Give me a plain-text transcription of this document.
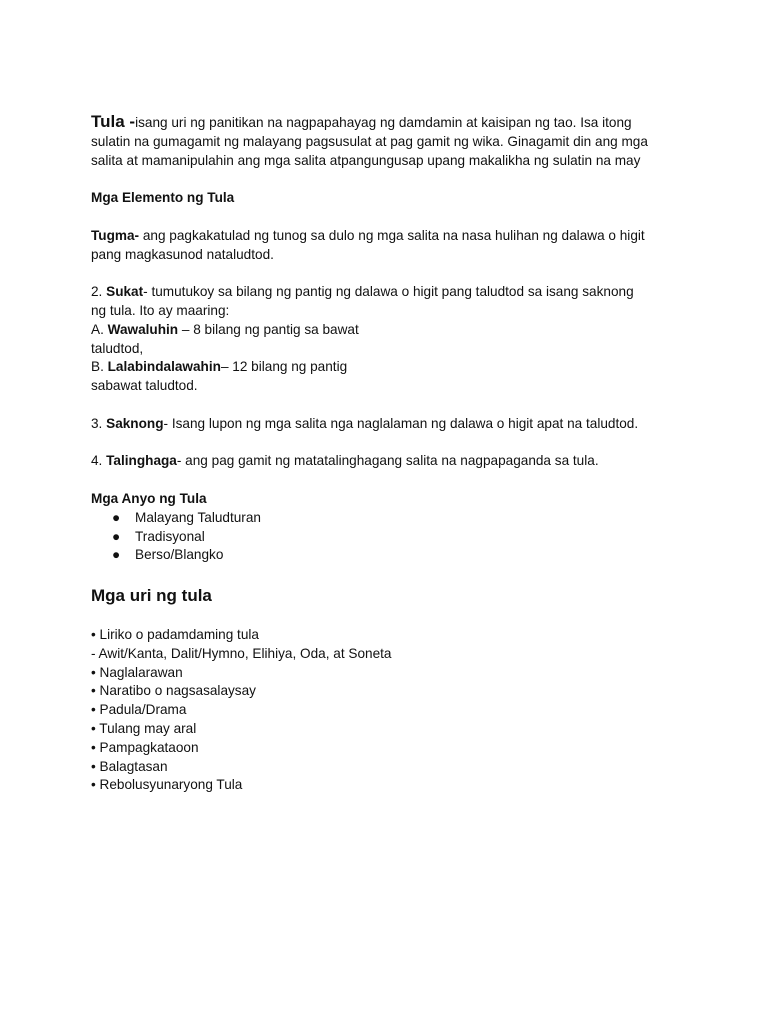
Tula -isang uri ng panitikan na nagpapahayag ng damdamin at kaisipan ng tao. Isa itong

sulatin na gumagamit ng malayang pagsusulat at pag gamit ng wika. Ginagamit din ang mga

salita at mamanipulahin ang mga salita atpangungusap upang makalikha ng sulatin na may

Mga Elemento ng Tula

Tugma- ang pagkakatulad ng tunog sa dulo ng mga salita na nasa hulihan ng dalawa o higit

pang magkasunod nataludtod.

2. Sukat- tumutukoy sa bilang ng pantig ng dalawa o higit pang taludtod sa isang saknong

ng tula. Ito ay maaring:

A. Wawaluhin – 8 bilang ng pantig sa bawat

taludtod,

B. Lalabindalawahin– 12 bilang ng pantig

sabawat taludtod.

3. Saknong- Isang lupon ng mga salita nga naglalaman ng dalawa o higit apat na taludtod.

4. Talinghaga- ang pag gamit ng matatalinghagang salita na nagpapaganda sa tula.

Mga Anyo ng Tula

● Malayang Taludturan
● Tradisyonal
● Berso/Blangko

Mga uri ng tula

• Liriko o padamdaming tula

- Awit/Kanta, Dalit/Hymno, Elihiya, Oda, at Soneta

• Naglalarawan

• Naratibo o nagsasalaysay

• Padula/Drama

• Tulang may aral

• Pampagkataoon

• Balagtasan

• Rebolusyunaryong Tula
